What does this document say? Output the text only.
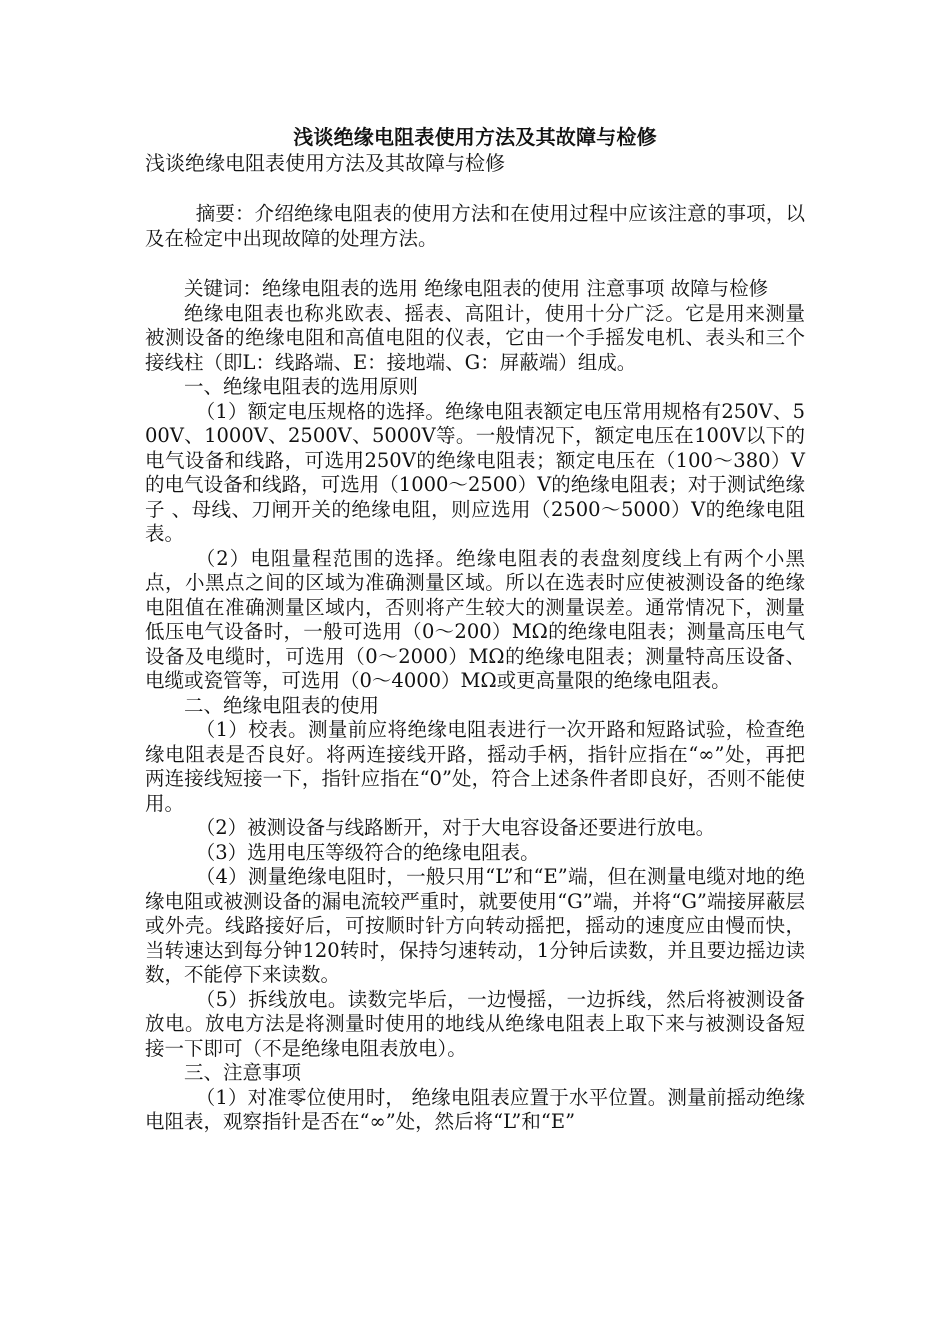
浅谈绝缘电阻表使用方法及其故障与检修

浅谈绝缘电阻表使用方法及其故障与检修

摘要：介绍绝缘电阻表的使用方法和在使用过程中应该注意的事项，以及在检定中出现故障的处理方法。

关键词：绝缘电阻表的选用 绝缘电阻表的使用 注意事项 故障与检修

绝缘电阻表也称兆欧表、摇表、高阻计，使用十分广泛。它是用来测量被测设备的绝缘电阻和高值电阻的仪表，它由一个手摇发电机、表头和三个接线柱（即L：线路端、E：接地端、G：屏蔽端）组成。

一、绝缘电阻表的选用原则

（1）额定电压规格的选择。绝缘电阻表额定电压常用规格有250V、500V、1000V、2500V、5000V等。一般情况下，额定电压在100V以下的电气设备和线路，可选用250V的绝缘电阻表；额定电压在（100～380）V的电气设备和线路，可选用（1000～2500）V的绝缘电阻表；对于测试绝缘子 、母线、刀闸开关的绝缘电阻，则应选用（2500～5000）V的绝缘电阻表。

（2）电阻量程范围的选择。绝缘电阻表的表盘刻度线上有两个小黑点，小黑点之间的区域为准确测量区域。所以在选表时应使被测设备的绝缘电阻值在准确测量区域内，否则将产生较大的测量误差。通常情况下，测量低压电气设备时，一般可选用（0～200）MΩ的绝缘电阻表；测量高压电气设备及电缆时，可选用（0～2000）MΩ的绝缘电阻表；测量特高压设备、电缆或瓷管等，可选用（0～4000）MΩ或更高量限的绝缘电阻表。

二、绝缘电阻表的使用

（1）校表。测量前应将绝缘电阻表进行一次开路和短路试验，检查绝缘电阻表是否良好。将两连接线开路，摇动手柄，指针应指在“∞”处，再把两连接线短接一下，指针应指在“0”处，符合上述条件者即良好，否则不能使用。

（2）被测设备与线路断开，对于大电容设备还要进行放电。

（3）选用电压等级符合的绝缘电阻表。

（4）测量绝缘电阻时，一般只用“L”和“E”端，但在测量电缆对地的绝缘电阻或被测设备的漏电流较严重时，就要使用“G”端，并将“G”端接屏蔽层或外壳。线路接好后，可按顺时针方向转动摇把，摇动的速度应由慢而快，当转速达到每分钟120转时，保持匀速转动，1分钟后读数，并且要边摇边读数，不能停下来读数。

（5）拆线放电。读数完毕后，一边慢摇，一边拆线，然后将被测设备放电。放电方法是将测量时使用的地线从绝缘电阻表上取下来与被测设备短接一下即可（不是绝缘电阻表放电）。

三、注意事项

（1）对准零位使用时， 绝缘电阻表应置于水平位置。测量前摇动绝缘电阻表，观察指针是否在“∞”处，然后将“L”和“E”
